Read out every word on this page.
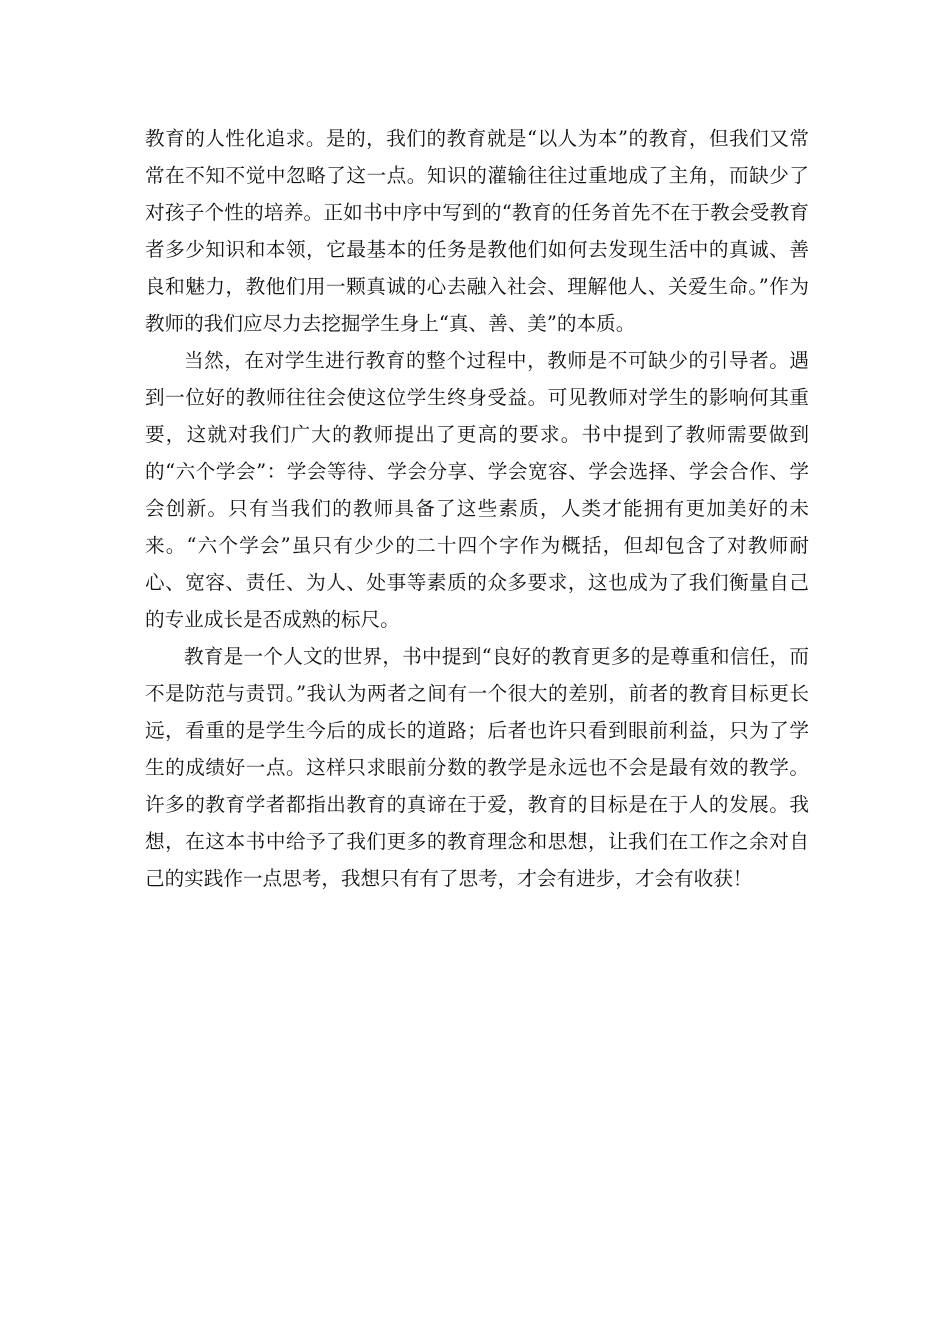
教育的人性化追求。是的，我们的教育就是“以人为本”的教育，但我们又常常在不知不觉中忽略了这一点。知识的灌输往往过重地成了主角，而缺少了对孩子个性的培养。正如书中序中写到的“教育的任务首先不在于教会受教育者多少知识和本领，它最基本的任务是教他们如何去发现生活中的真诚、善良和魅力，教他们用一颗真诚的心去融入社会、理解他人、关爱生命。”作为教师的我们应尽力去挖掘学生身上“真、善、美”的本质。

当然，在对学生进行教育的整个过程中，教师是不可缺少的引导者。遇到一位好的教师往往会使这位学生终身受益。可见教师对学生的影响何其重要，这就对我们广大的教师提出了更高的要求。书中提到了教师需要做到的“六个学会”：学会等待、学会分享、学会宽容、学会选择、学会合作、学会创新。只有当我们的教师具备了这些素质，人类才能拥有更加美好的未来。“六个学会”虽只有少少的二十四个字作为概括，但却包含了对教师耐心、宽容、责任、为人、处事等素质的众多要求，这也成为了我们衡量自己的专业成长是否成熟的标尺。

教育是一个人文的世界，书中提到“良好的教育更多的是尊重和信任，而不是防范与责罚。”我认为两者之间有一个很大的差别，前者的教育目标更长远，看重的是学生今后的成长的道路；后者也许只看到眼前利益，只为了学生的成绩好一点。这样只求眼前分数的教学是永远也不会是最有效的教学。许多的教育学者都指出教育的真谛在于爱，教育的目标是在于人的发展。我想，在这本书中给予了我们更多的教育理念和思想，让我们在工作之余对自己的实践作一点思考，我想只有有了思考，才会有进步，才会有收获！
